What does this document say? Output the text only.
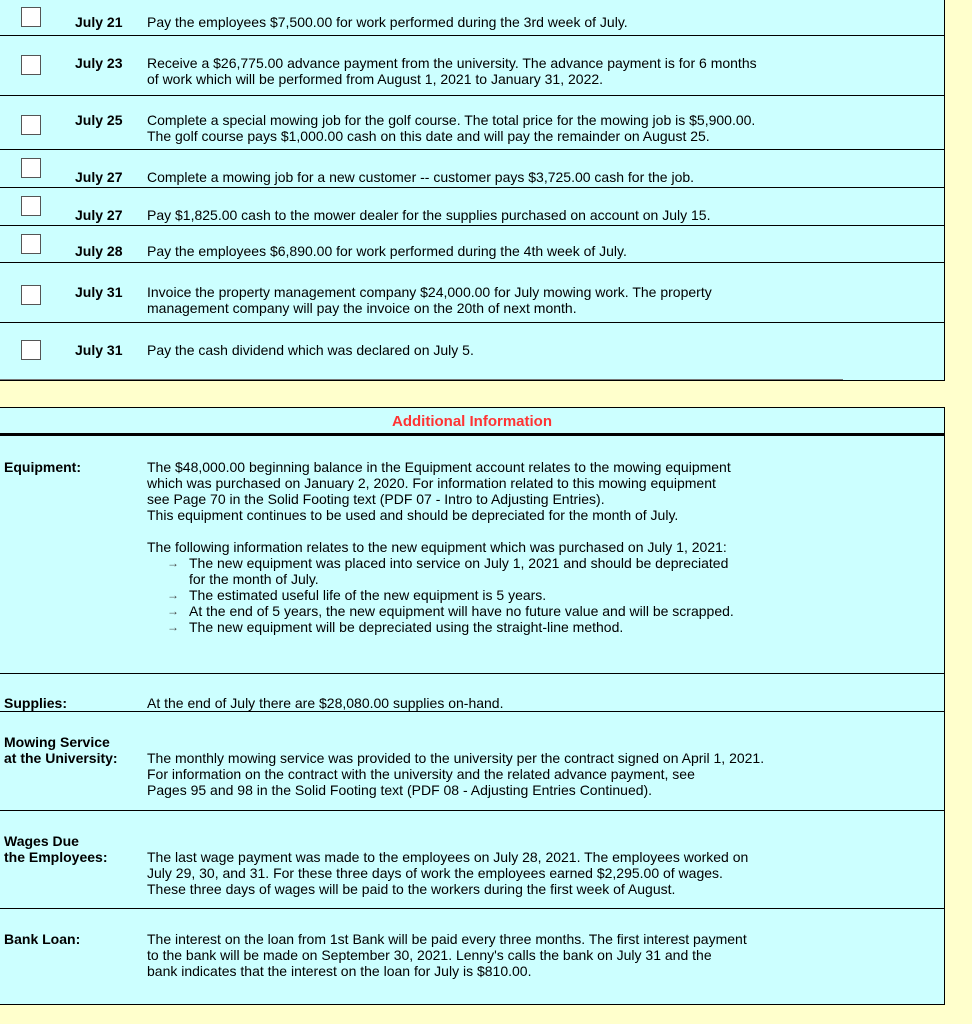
July 21 Pay the employees $7,500.00 for work performed during the 3rd week of July.
July 23 Receive a $26,775.00 advance payment from the university. The advance payment is for 6 months
of work which will be performed from August 1, 2021 to January 31, 2022.
July 25 Complete a special mowing job for the golf course. The total price for the mowing job is $5,900.00.
The golf course pays $1,000.00 cash on this date and will pay the remainder on August 25.
July 27 Complete a mowing job for a new customer -- customer pays $3,725.00 cash for the job.
July 27 Pay $1,825.00 cash to the mower dealer for the supplies purchased on account on July 15.
July 28 Pay the employees $6,890.00 for work performed during the 4th week of July.
July 31 Invoice the property management company $24,000.00 for July mowing work. The property
management company will pay the invoice on the 20th of next month.
July 31 Pay the cash dividend which was declared on July 5.
Additional Information
Equipment:	The $48,000.00 beginning balance in the Equipment account relates to the mowing equipment
which was purchased on January 2, 2020. For information related to this mowing equipment
see Page 70 in the Solid Footing text (PDF 07 - Intro to Adjusting Entries).
This equipment continues to be used and should be depreciated for the month of July.
The following information relates to the new equipment which was purchased on July 1, 2021:
→ The new equipment was placed into service on July 1, 2021 and should be depreciated
for the month of July.
→ The estimated useful life of the new equipment is 5 years.
→ At the end of 5 years, the new equipment will have no future value and will be scrapped.
→ The new equipment will be depreciated using the straight-line method.
Supplies:	At the end of July there are $28,080.00 supplies on-hand.
Mowing Service
at the University: The monthly mowing service was provided to the university per the contract signed on April 1, 2021.
For information on the contract with the university and the related advance payment, see
Pages 95 and 98 in the Solid Footing text (PDF 08 - Adjusting Entries Continued).
Wages Due
the Employees:	The last wage payment was made to the employees on July 28, 2021. The employees worked on
July 29, 30, and 31. For these three days of work the employees earned $2,295.00 of wages.
These three days of wages will be paid to the workers during the first week of August.
Bank Loan:	The interest on the loan from 1st Bank will be paid every three months. The first interest payment
to the bank will be made on September 30, 2021. Lenny's calls the bank on July 31 and the
bank indicates that the interest on the loan for July is $810.00.
